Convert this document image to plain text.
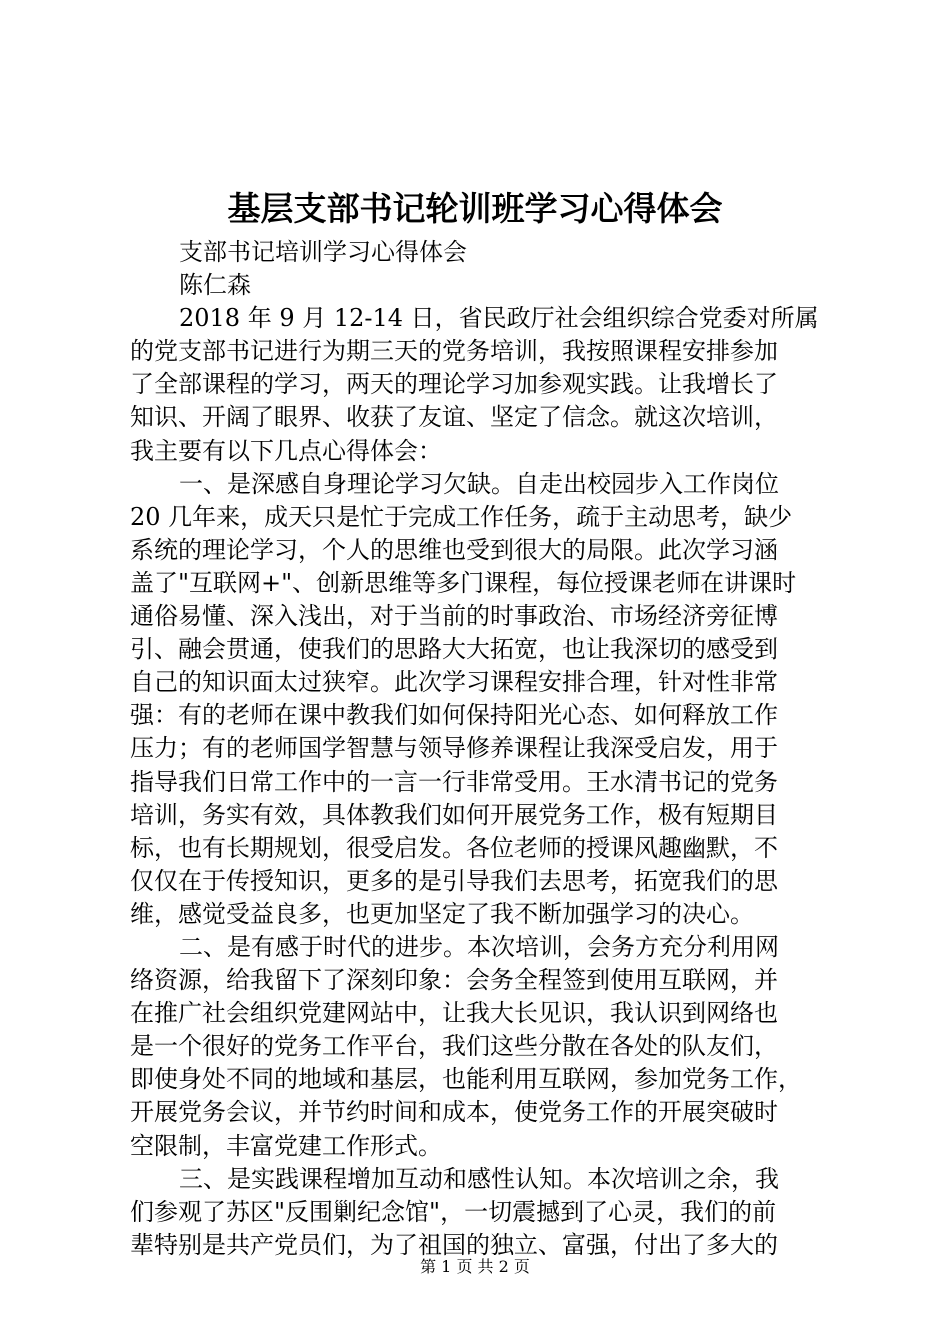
基层支部书记轮训班学习心得体会
支部书记培训学习心得体会
陈仁森
2018 年 9 月 12-14 日，省民政厅社会组织综合党委对所属
的党支部书记进行为期三天的党务培训，我按照课程安排参加
了全部课程的学习，两天的理论学习加参观实践。让我增长了
知识、开阔了眼界、收获了友谊、坚定了信念。就这次培训，
我主要有以下几点心得体会：
一、是深感自身理论学习欠缺。自走出校园步入工作岗位
20 几年来，成天只是忙于完成工作任务，疏于主动思考，缺少
系统的理论学习，个人的思维也受到很大的局限。此次学习涵
盖了"互联网+"、创新思维等多门课程，每位授课老师在讲课时
通俗易懂、深入浅出，对于当前的时事政治、市场经济旁征博
引、融会贯通，使我们的思路大大拓宽，也让我深切的感受到
自己的知识面太过狭窄。此次学习课程安排合理，针对性非常
强：有的老师在课中教我们如何保持阳光心态、如何释放工作
压力；有的老师国学智慧与领导修养课程让我深受启发，用于
指导我们日常工作中的一言一行非常受用。王水清书记的党务
培训，务实有效，具体教我们如何开展党务工作，极有短期目
标，也有长期规划，很受启发。各位老师的授课风趣幽默，不
仅仅在于传授知识，更多的是引导我们去思考，拓宽我们的思
维，感觉受益良多，也更加坚定了我不断加强学习的决心。
二、是有感于时代的进步。本次培训，会务方充分利用网
络资源，给我留下了深刻印象：会务全程签到使用互联网，并
在推广社会组织党建网站中，让我大长见识，我认识到网络也
是一个很好的党务工作平台，我们这些分散在各处的队友们，
即使身处不同的地域和基层，也能利用互联网，参加党务工作，
开展党务会议，并节约时间和成本，使党务工作的开展突破时
空限制，丰富党建工作形式。
三、是实践课程增加互动和感性认知。本次培训之余，我
们参观了苏区"反围剿纪念馆"，一切震撼到了心灵，我们的前
辈特别是共产党员们，为了祖国的独立、富强，付出了多大的
第 1 页 共 2 页
